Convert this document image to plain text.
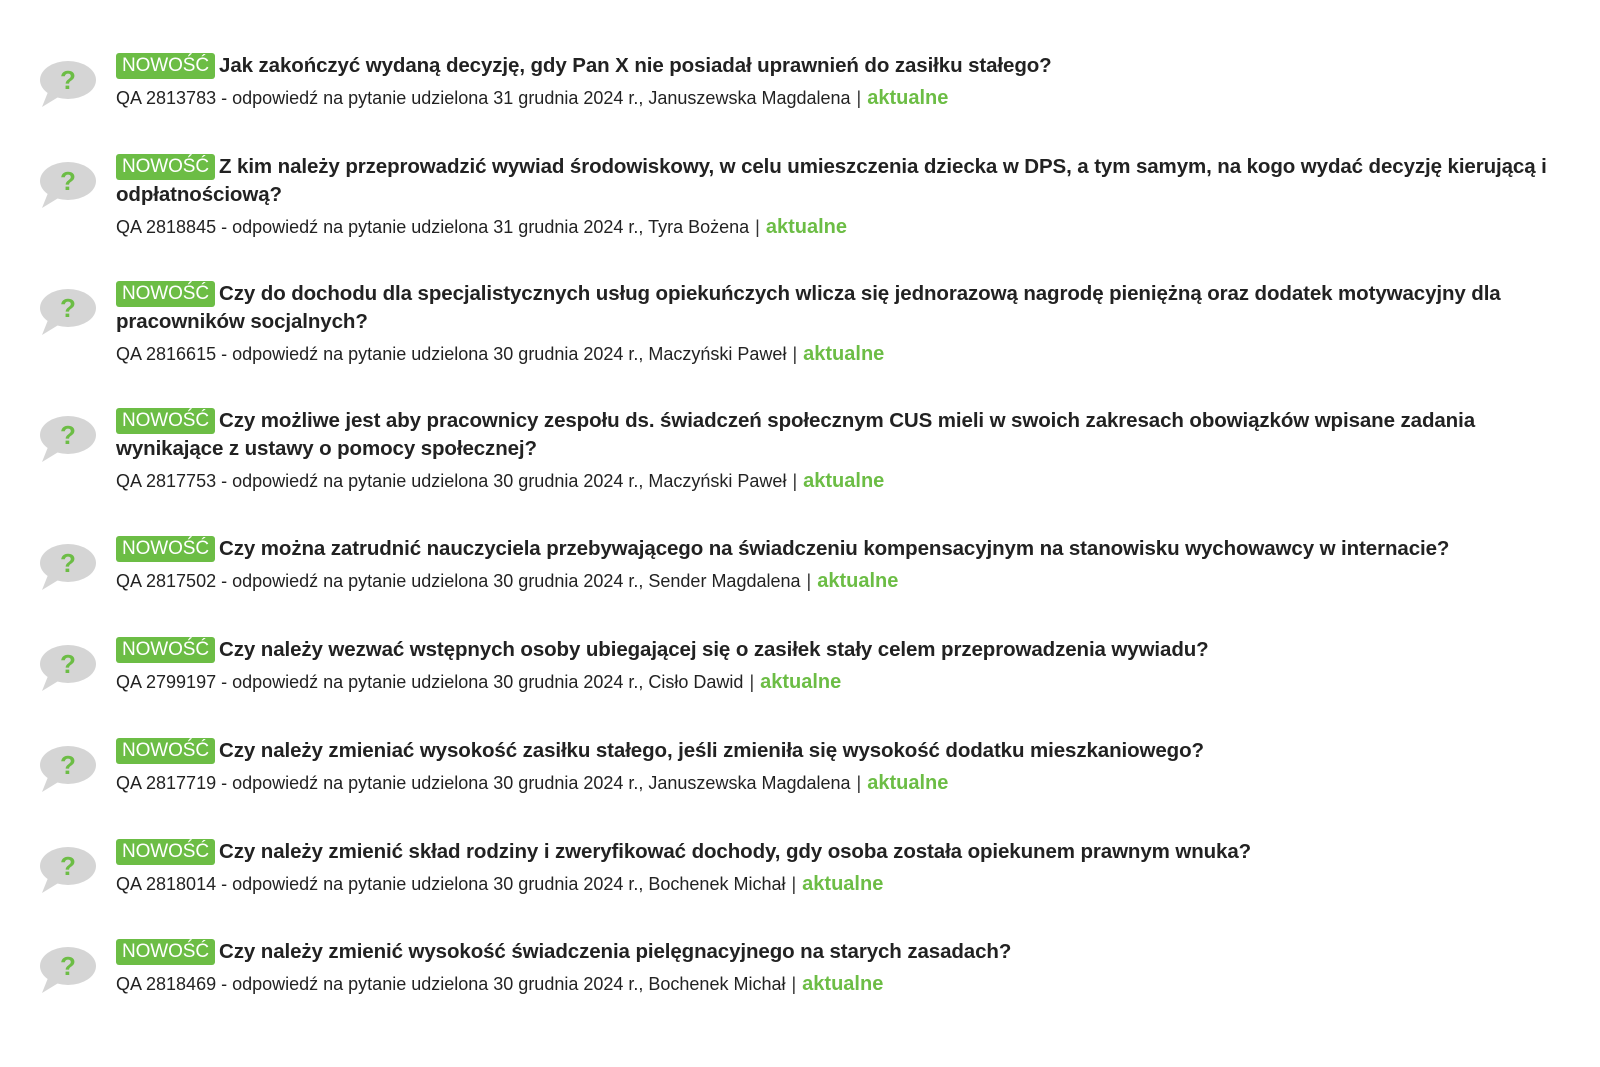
?	NOWOŚĆ Jak zakończyć wydaną decyzję, gdy Pan X nie posiadał uprawnień do zasiłku stałego?
QA 2813783 - odpowiedź na pytanie udzielona 31 grudnia 2024 r., Januszewska Magdalena | aktualne
?	NOWOŚĆ Z kim należy przeprowadzić wywiad środowiskowy, w celu umieszczenia dziecka w DPS, a tym samym, na kogo wydać decyzję kierującą i odpłatnościową?
QA 2818845 - odpowiedź na pytanie udzielona 31 grudnia 2024 r., Tyra Bożena | aktualne
?	NOWOŚĆ Czy do dochodu dla specjalistycznych usług opiekuńczych wlicza się jednorazową nagrodę pieniężną oraz dodatek motywacyjny dla pracowników socjalnych?
QA 2816615 - odpowiedź na pytanie udzielona 30 grudnia 2024 r., Maczyński Paweł | aktualne
?	NOWOŚĆ Czy możliwe jest aby pracownicy zespołu ds. świadczeń społecznym CUS mieli w swoich zakresach obowiązków wpisane zadania wynikające z ustawy o pomocy społecznej?
QA 2817753 - odpowiedź na pytanie udzielona 30 grudnia 2024 r., Maczyński Paweł | aktualne
?	NOWOŚĆ Czy można zatrudnić nauczyciela przebywającego na świadczeniu kompensacyjnym na stanowisku wychowawcy w internacie?
QA 2817502 - odpowiedź na pytanie udzielona 30 grudnia 2024 r., Sender Magdalena | aktualne
?	NOWOŚĆ Czy należy wezwać wstępnych osoby ubiegającej się o zasiłek stały celem przeprowadzenia wywiadu?
QA 2799197 - odpowiedź na pytanie udzielona 30 grudnia 2024 r., Cisło Dawid | aktualne
?	NOWOŚĆ Czy należy zmieniać wysokość zasiłku stałego, jeśli zmieniła się wysokość dodatku mieszkaniowego?
QA 2817719 - odpowiedź na pytanie udzielona 30 grudnia 2024 r., Januszewska Magdalena | aktualne
?	NOWOŚĆ Czy należy zmienić skład rodziny i zweryfikować dochody, gdy osoba została opiekunem prawnym wnuka?
QA 2818014 - odpowiedź na pytanie udzielona 30 grudnia 2024 r., Bochenek Michał | aktualne
?	NOWOŚĆ Czy należy zmienić wysokość świadczenia pielęgnacyjnego na starych zasadach?
QA 2818469 - odpowiedź na pytanie udzielona 30 grudnia 2024 r., Bochenek Michał | aktualne
